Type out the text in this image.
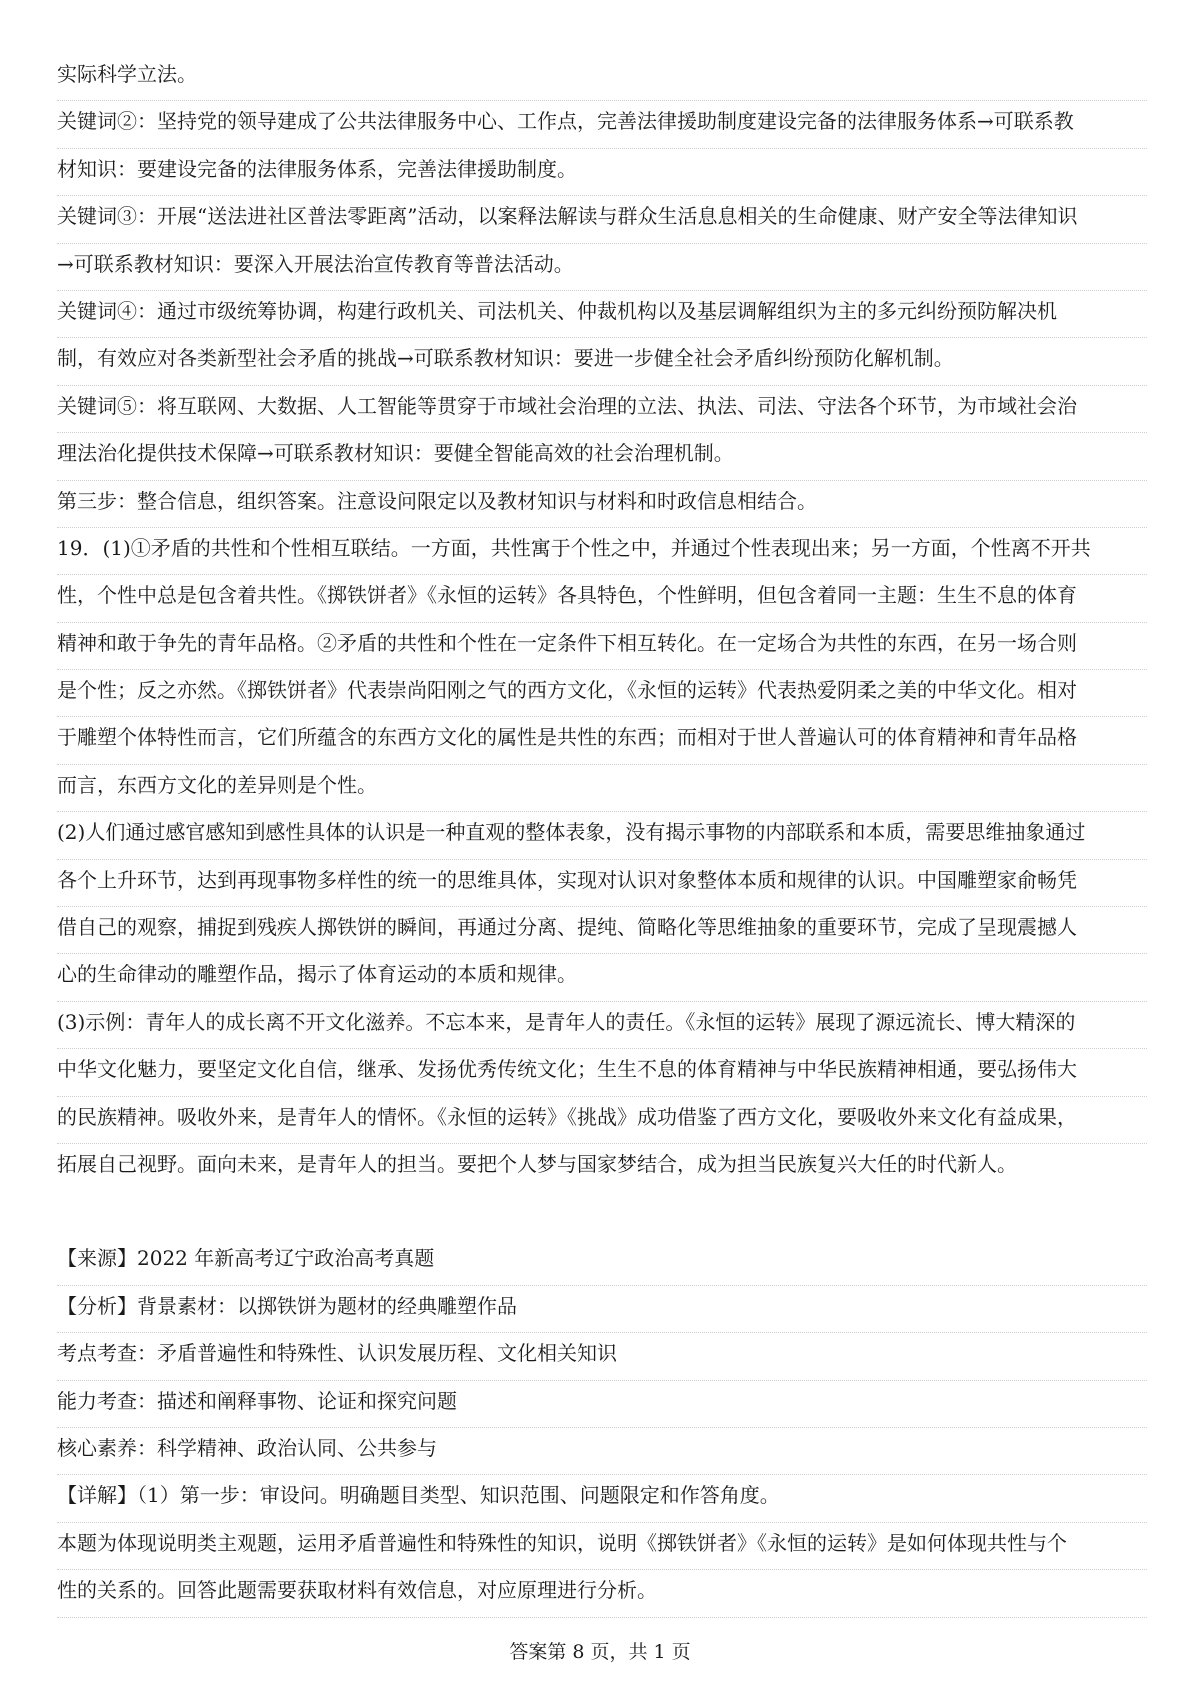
实际科学立法。
关键词②：坚持党的领导建成了公共法律服务中心、工作点，完善法律援助制度建设完备的法律服务体系→可联系教
材知识：要建设完备的法律服务体系，完善法律援助制度。
关键词③：开展“送法进社区普法零距离”活动，以案释法解读与群众生活息息相关的生命健康、财产安全等法律知识
→可联系教材知识：要深入开展法治宣传教育等普法活动。
关键词④：通过市级统筹协调，构建行政机关、司法机关、仲裁机构以及基层调解组织为主的多元纠纷预防解决机
制，有效应对各类新型社会矛盾的挑战→可联系教材知识：要进一步健全社会矛盾纠纷预防化解机制。
关键词⑤：将互联网、大数据、人工智能等贯穿于市域社会治理的立法、执法、司法、守法各个环节，为市域社会治
理法治化提供技术保障→可联系教材知识：要健全智能高效的社会治理机制。
第三步：整合信息，组织答案。注意设问限定以及教材知识与材料和时政信息相结合。
19．(1)①矛盾的共性和个性相互联结。一方面，共性寓于个性之中，并通过个性表现出来；另一方面，个性离不开共
性，个性中总是包含着共性。《掷铁饼者》《永恒的运转》各具特色，个性鲜明，但包含着同一主题：生生不息的体育
精神和敢于争先的青年品格。②矛盾的共性和个性在一定条件下相互转化。在一定场合为共性的东西，在另一场合则
是个性；反之亦然。《掷铁饼者》代表崇尚阳刚之气的西方文化，《永恒的运转》代表热爱阴柔之美的中华文化。相对
于雕塑个体特性而言，它们所蕴含的东西方文化的属性是共性的东西；而相对于世人普遍认可的体育精神和青年品格
而言，东西方文化的差异则是个性。
(2)人们通过感官感知到感性具体的认识是一种直观的整体表象，没有揭示事物的内部联系和本质，需要思维抽象通过
各个上升环节，达到再现事物多样性的统一的思维具体，实现对认识对象整体本质和规律的认识。中国雕塑家俞畅凭
借自己的观察，捕捉到残疾人掷铁饼的瞬间，再通过分离、提纯、简略化等思维抽象的重要环节，完成了呈现震撼人
心的生命律动的雕塑作品，揭示了体育运动的本质和规律。
(3)示例：青年人的成长离不开文化滋养。不忘本来，是青年人的责任。《永恒的运转》展现了源远流长、博大精深的
中华文化魅力，要坚定文化自信，继承、发扬优秀传统文化；生生不息的体育精神与中华民族精神相通，要弘扬伟大
的民族精神。吸收外来，是青年人的情怀。《永恒的运转》《挑战》成功借鉴了西方文化，要吸收外来文化有益成果，
拓展自己视野。面向未来，是青年人的担当。要把个人梦与国家梦结合，成为担当民族复兴大任的时代新人。
【来源】2022 年新高考辽宁政治高考真题
【分析】背景素材：以掷铁饼为题材的经典雕塑作品
考点考查：矛盾普遍性和特殊性、认识发展历程、文化相关知识
能力考查：描述和阐释事物、论证和探究问题
核心素养：科学精神、政治认同、公共参与
【详解】（1）第一步：审设问。明确题目类型、知识范围、问题限定和作答角度。
本题为体现说明类主观题，运用矛盾普遍性和特殊性的知识，说明《掷铁饼者》《永恒的运转》是如何体现共性与个
性的关系的。回答此题需要获取材料有效信息，对应原理进行分析。
答案第 8 页，共 1 页
